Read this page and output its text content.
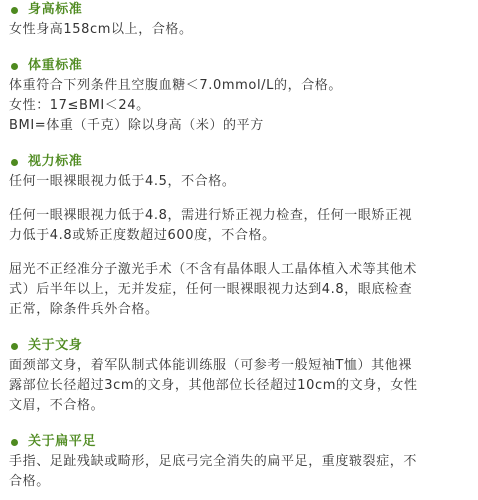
身高标准

女性身高158cm以上，合格。

体重标准

体重符合下列条件且空腹血糖＜7.0mmol/L的，合格。

女性：17≤BMI＜24。

BMI=体重（千克）除以身高（米）的平方

视力标准

任何一眼裸眼视力低于4.5，不合格。

任何一眼裸眼视力低于4.8，需进行矫正视力检查，任何一眼矫正视
力低于4.8或矫正度数超过600度，不合格。

屈光不正经准分子激光手术（不含有晶体眼人工晶体植入术等其他术
式）后半年以上，无并发症，任何一眼裸眼视力达到4.8，眼底检查
正常，除条件兵外合格。

关于文身

面颈部文身，着军队制式体能训练服（可参考一般短袖T恤）其他裸
露部位长径超过3cm的文身，其他部位长径超过10cm的文身，女性
文眉，不合格。

关于扁平足

手指、足趾残缺或畸形，足底弓完全消失的扁平足，重度皲裂症，不
合格。
